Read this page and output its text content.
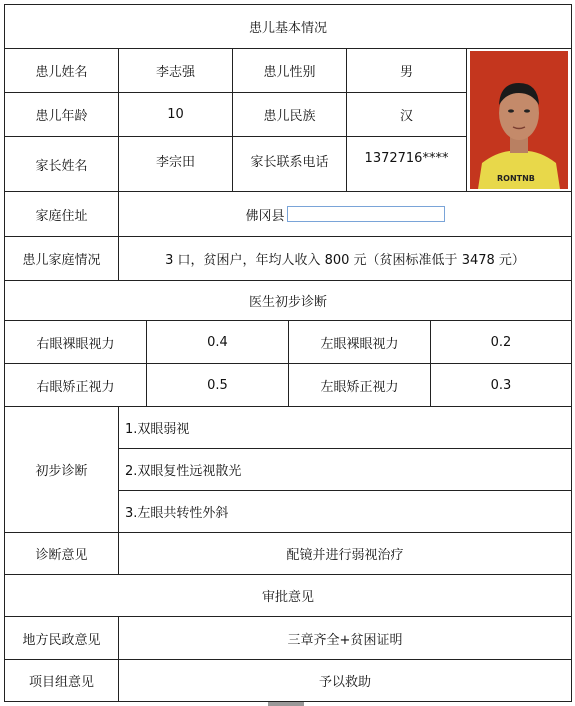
患儿基本情况
患儿姓名	李志强	患儿性别	男
患儿年龄	10	患儿民族	汉
家长姓名	李宗田	家长联系电话	1372716****
RONTNB
家庭住址	佛冈县
患儿家庭情况	3 口，贫困户，年均人收入 800 元（贫困标准低于 3478 元）
医生初步诊断
右眼裸眼视力	0.4	左眼裸眼视力	0.2
右眼矫正视力	0.5	左眼矫正视力	0.3
初步诊断
1.双眼弱视
2.双眼复性远视散光
3.左眼共转性外斜
诊断意见	配镜并进行弱视治疗
审批意见
地方民政意见	三章齐全+贫困证明
项目组意见	予以救助
